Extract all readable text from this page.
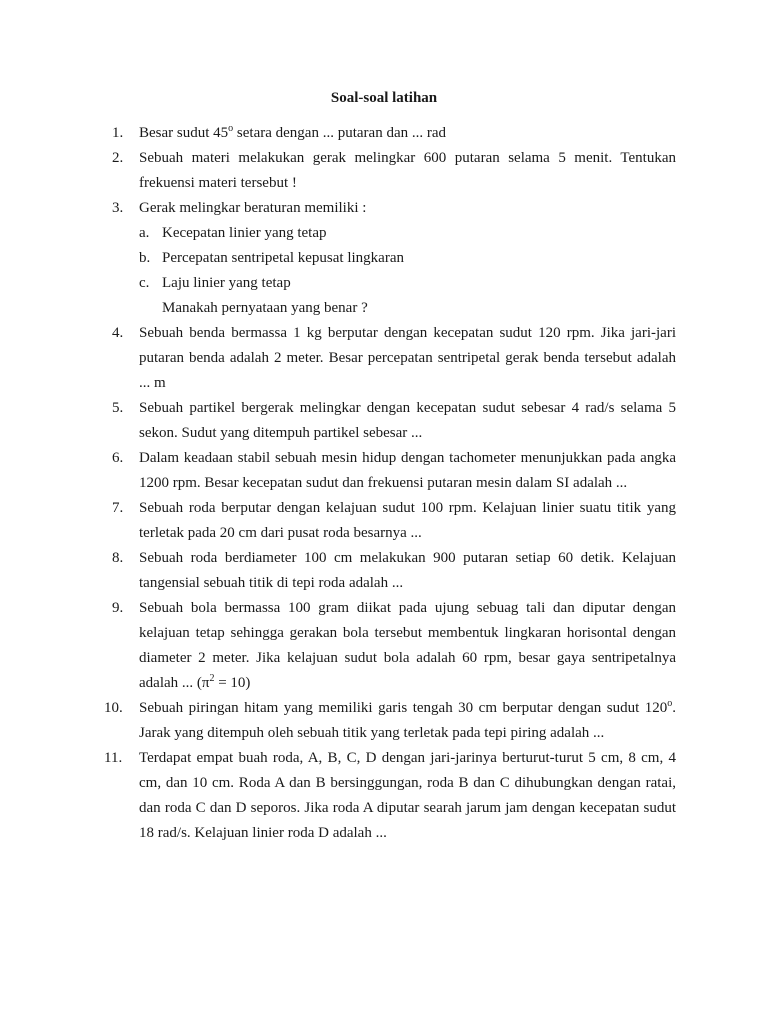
Soal-soal latihan
1. Besar sudut 45$^o$ setara dengan ... putaran dan ... rad
2. Sebuah materi melakukan gerak melingkar 600 putaran selama 5 menit. Tentukan frekuensi materi tersebut !
3. Gerak melingkar beraturan memiliki :
a. Kecepatan linier yang tetap
b. Percepatan sentripetal kepusat lingkaran
c. Laju linier yang tetap
Manakah pernyataan yang benar ?
4. Sebuah benda bermassa 1 kg berputar dengan kecepatan sudut 120 rpm. Jika jari-jari putaran benda adalah 2 meter. Besar percepatan sentripetal gerak benda tersebut adalah ... m
5. Sebuah partikel bergerak melingkar dengan kecepatan sudut sebesar 4 rad/s selama 5 sekon. Sudut yang ditempuh partikel sebesar ...
6. Dalam keadaan stabil sebuah mesin hidup dengan tachometer menunjukkan pada angka 1200 rpm. Besar kecepatan sudut dan frekuensi putaran mesin dalam SI adalah ...
7. Sebuah roda berputar dengan kelajuan sudut 100 rpm. Kelajuan linier suatu titik yang terletak pada 20 cm dari pusat roda besarnya ...
8. Sebuah roda berdiameter 100 cm melakukan 900 putaran setiap 60 detik. Kelajuan tangensial sebuah titik di tepi roda adalah ...
9. Sebuah bola bermassa 100 gram diikat pada ujung sebuag tali dan diputar dengan kelajuan tetap sehingga gerakan bola tersebut membentuk lingkaran horisontal dengan diameter 2 meter. Jika kelajuan sudut bola adalah 60 rpm, besar gaya sentripetalnya adalah ... $(\pi^2 = 10)$
10. Sebuah piringan hitam yang memiliki garis tengah 30 cm berputar dengan sudut 120$^o$. Jarak yang ditempuh oleh sebuah titik yang terletak pada tepi piring adalah ...
11. Terdapat empat buah roda, A, B, C, D dengan jari-jarinya berturut-turut 5 cm, 8 cm, 4 cm, dan 10 cm. Roda A dan B bersinggungan, roda B dan C dihubungkan dengan ratai, dan roda C dan D seporos. Jika roda A diputar searah jarum jam dengan kecepatan sudut 18 rad/s. Kelajuan linier roda D adalah ...
